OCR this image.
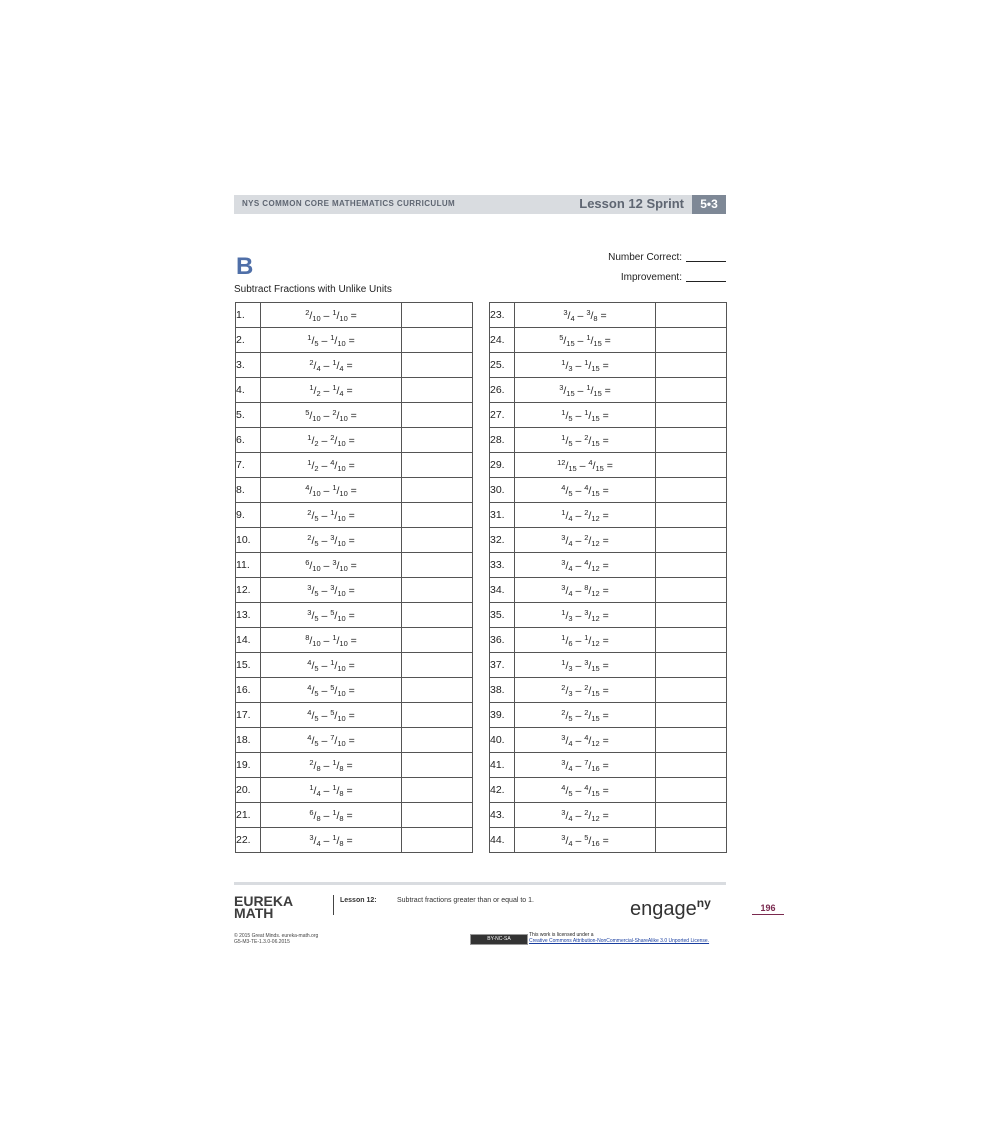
NYS COMMON CORE MATHEMATICS CURRICULUM	Lesson 12 Sprint	5•3
B
Subtract Fractions with Unlike Units
Number Correct:
Improvement:
1.	$^2/_{10} - ^1/_{10}$ =	
2.	$^1/_5 - ^1/_{10}$ =	
3.	$^2/_4 - ^1/_4$ =	
4.	$^1/_2 - ^1/_4$ =	
5.	$^5/_{10} - ^2/_{10}$ =	
6.	$^1/_2 - ^2/_{10}$ =	
7.	$^1/_2 - ^4/_{10}$ =	
8.	$^4/_{10} - ^1/_{10}$ =	
9.	$^2/_5 - ^1/_{10}$ =	
10.	$^2/_5 - ^3/_{10}$ =	
11.	$^6/_{10} - ^3/_{10}$ =	
12.	$^3/_5 - ^3/_{10}$ =	
13.	$^3/_5 - ^5/_{10}$ =	
14.	$^8/_{10} - ^1/_{10}$ =	
15.	$^4/_5 - ^1/_{10}$ =	
16.	$^4/_5 - ^5/_{10}$ =	
17.	$^4/_5 - ^5/_{10}$ =	
18.	$^4/_5 - ^7/_{10}$ =	
19.	$^2/_8 - ^1/_8$ =	
20.	$^1/_4 - ^1/_8$ =	
21.	$^6/_8 - ^1/_8$ =	
22.	$^3/_4 - ^1/_8$ =	
23.	$^3/_4 - ^3/_8$ =	
24.	$^5/_{15} - ^1/_{15}$ =	
25.	$^1/_3 - ^1/_{15}$ =	
26.	$^3/_{15} - ^1/_{15}$ =	
27.	$^1/_5 - ^1/_{15}$ =	
28.	$^1/_5 - ^2/_{15}$ =	
29.	$^{12}/_{15} - ^4/_{15}$ =	
30.	$^4/_5 - ^4/_{15}$ =	
31.	$^1/_4 - ^2/_{12}$ =	
32.	$^3/_4 - ^2/_{12}$ =	
33.	$^3/_4 - ^4/_{12}$ =	
34.	$^3/_4 - ^8/_{12}$ =	
35.	$^1/_3 - ^3/_{12}$ =	
36.	$^1/_6 - ^1/_{12}$ =	
37.	$^1/_3 - ^3/_{15}$ =	
38.	$^2/_3 - ^2/_{15}$ =	
39.	$^2/_5 - ^2/_{15}$ =	
40.	$^3/_4 - ^4/_{12}$ =	
41.	$^3/_4 - ^7/_{16}$ =	
42.	$^4/_5 - ^4/_{15}$ =	
43.	$^3/_4 - ^2/_{12}$ =	
44.	$^3/_4 - ^5/_{16}$ =	
EUREKA
MATH
Lesson 12:	Subtract fractions greater than or equal to 1.	engage$^{ny}$	196
© 2015 Great Minds. eureka-math.org
G5-M3-TE-1.3.0-06.2015	BY-NC-SA
This work is licensed under a
Creative Commons Attribution-NonCommercial-ShareAlike 3.0 Unported License.
